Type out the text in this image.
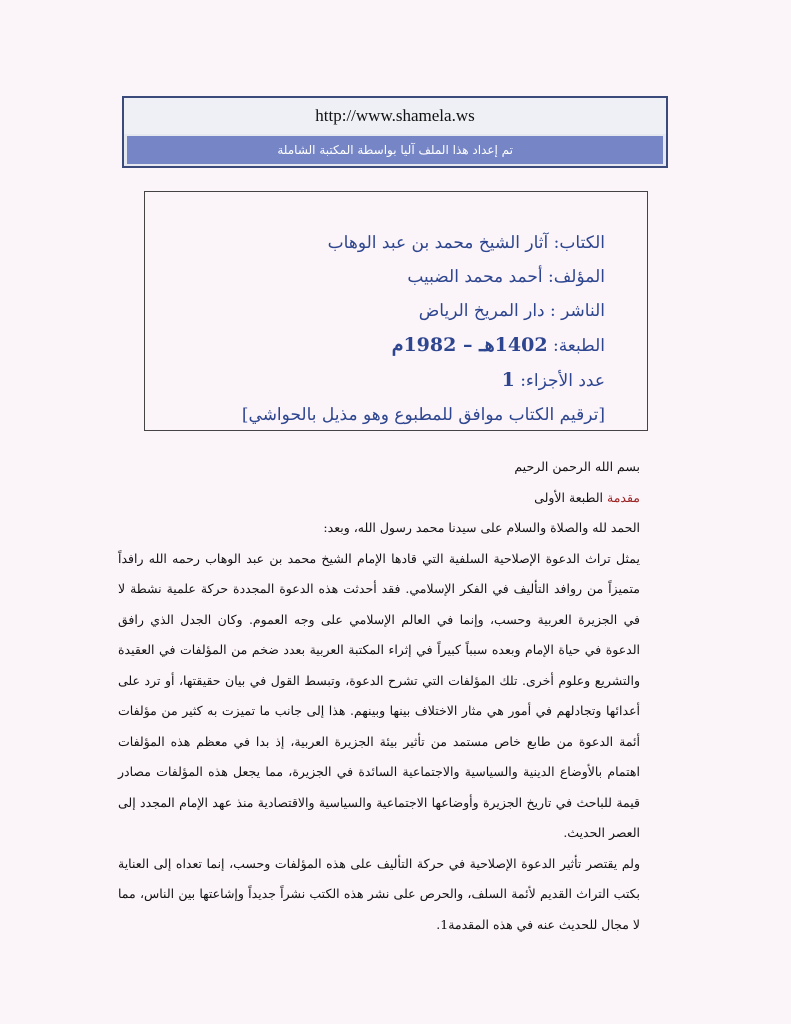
http://www.shamela.ws
تم إعداد هذا الملف آليا بواسطة المكتبة الشاملة
الكتاب: آثار الشيخ محمد بن عبد الوهاب
المؤلف: أحمد محمد الضبيب
الناشر : دار المريخ الرياض
الطبعة: 1402هـ – 1982م
عدد الأجزاء: 1
[ترقيم الكتاب موافق للمطبوع وهو مذيل بالحواشي]

بسم الله الرحمن الرحيم

مقدمة الطبعة الأولى

الحمد لله والصلاة والسلام على سيدنا محمد رسول الله، وبعد:

يمثل تراث الدعوة الإصلاحية السلفية التي قادها الإمام الشيخ محمد بن عبد الوهاب رحمه الله رافداً متميزاً من روافد التأليف في الفكر الإسلامي. فقد أحدثت هذه الدعوة المجددة حركة علمية نشطة لا في الجزيرة العربية وحسب، وإنما في العالم الإسلامي على وجه العموم. وكان الجدل الذي رافق الدعوة في حياة الإمام وبعده سبباً كبيراً في إثراء المكتبة العربية بعدد ضخم من المؤلفات في العقيدة والتشريع وعلوم أخرى. تلك المؤلفات التي تشرح الدعوة، وتبسط القول في بيان حقيقتها، أو ترد على أعدائها وتجادلهم في أمور هي مثار الاختلاف بينها وبينهم. هذا إلى جانب ما تميزت به كثير من مؤلفات أئمة الدعوة من طابع خاص مستمد من تأثير بيئة الجزيرة العربية، إذ بدا في معظم هذه المؤلفات اهتمام بالأوضاع الدينية والسياسية والاجتماعية السائدة في الجزيرة، مما يجعل هذه المؤلفات مصادر قيمة للباحث في تاريخ الجزيرة وأوضاعها الاجتماعية والسياسية والاقتصادية منذ عهد الإمام المجدد إلى العصر الحديث.

ولم يقتصر تأثير الدعوة الإصلاحية في حركة التأليف على هذه المؤلفات وحسب، إنما تعداه إلى العناية بكتب التراث القديم لأئمة السلف، والحرص على نشر هذه الكتب نشراً جديداً وإشاعتها بين الناس، مما لا مجال للحديث عنه في هذه المقدمة1.
